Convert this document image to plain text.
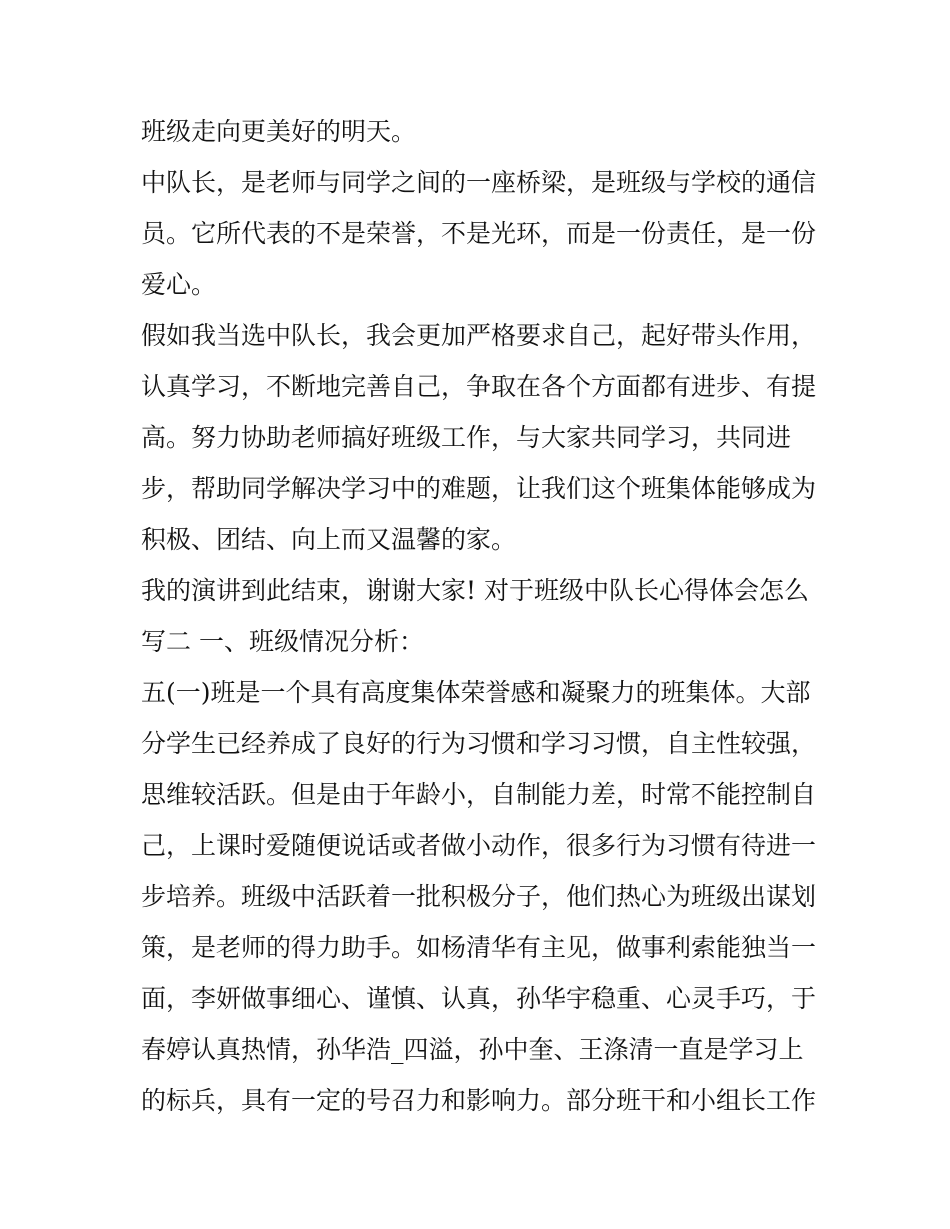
班级走向更美好的明天。
中队长，是老师与同学之间的一座桥梁，是班级与学校的通信
员。它所代表的不是荣誉，不是光环，而是一份责任，是一份
爱心。
假如我当选中队长，我会更加严格要求自己，起好带头作用，
认真学习，不断地完善自己，争取在各个方面都有进步、有提
高。努力协助老师搞好班级工作，与大家共同学习，共同进
步，帮助同学解决学习中的难题，让我们这个班集体能够成为
积极、团结、向上而又温馨的家。
我的演讲到此结束，谢谢大家! 对于班级中队长心得体会怎么
写二 一、班级情况分析：
五(一)班是一个具有高度集体荣誉感和凝聚力的班集体。大部
分学生已经养成了良好的行为习惯和学习习惯，自主性较强，
思维较活跃。但是由于年龄小，自制能力差，时常不能控制自
己，上课时爱随便说话或者做小动作，很多行为习惯有待进一
步培养。班级中活跃着一批积极分子，他们热心为班级出谋划
策，是老师的得力助手。如杨清华有主见，做事利索能独当一
面，李妍做事细心、谨慎、认真，孙华宇稳重、心灵手巧，于
春婷认真热情，孙华浩_四溢，孙中奎、王涤清一直是学习上
的标兵，具有一定的号召力和影响力。部分班干和小组长工作
